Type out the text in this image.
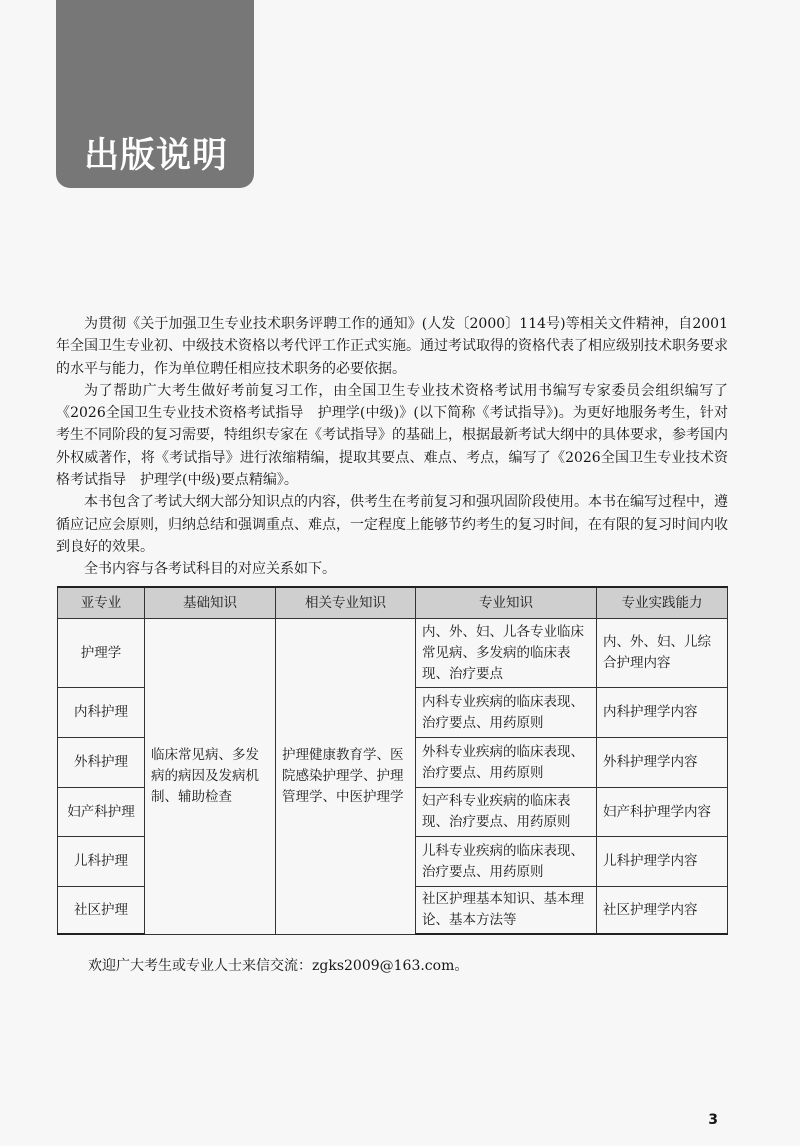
出版说明

为贯彻《关于加强卫生专业技术职务评聘工作的通知》(人发〔2000〕114号)等相关文件精神，自2001年全国卫生专业初、中级技术资格以考代评工作正式实施。通过考试取得的资格代表了相应级别技术职务要求的水平与能力，作为单位聘任相应技术职务的必要依据。

为了帮助广大考生做好考前复习工作，由全国卫生专业技术资格考试用书编写专家委员会组织编写了《2026全国卫生专业技术资格考试指导　护理学(中级)》(以下简称《考试指导》)。为更好地服务考生，针对考生不同阶段的复习需要，特组织专家在《考试指导》的基础上，根据最新考试大纲中的具体要求，参考国内外权威著作，将《考试指导》进行浓缩精编，提取其要点、难点、考点，编写了《2026全国卫生专业技术资格考试指导　护理学(中级)要点精编》。

本书包含了考试大纲大部分知识点的内容，供考生在考前复习和强巩固阶段使用。本书在编写过程中，遵循应记应会原则，归纳总结和强调重点、难点，一定程度上能够节约考生的复习时间，在有限的复习时间内收到良好的效果。

全书内容与各考试科目的对应关系如下。

亚专业	基础知识	相关专业知识	专业知识	专业实践能力
护理学	临床常见病、多发病的病因及发病机制、辅助检查	护理健康教育学、医院感染护理学、护理管理学、中医护理学	内、外、妇、儿各专业临床常见病、多发病的临床表现、治疗要点	内、外、妇、儿综合护理内容
内科护理			内科专业疾病的临床表现、治疗要点、用药原则	内科护理学内容
外科护理			外科专业疾病的临床表现、治疗要点、用药原则	外科护理学内容
妇产科护理			妇产科专业疾病的临床表现、治疗要点、用药原则	妇产科护理学内容
儿科护理			儿科专业疾病的临床表现、治疗要点、用药原则	儿科护理学内容
社区护理			社区护理基本知识、基本理论、基本方法等	社区护理学内容
欢迎广大考生或专业人士来信交流：zgks2009@163.com。
3
